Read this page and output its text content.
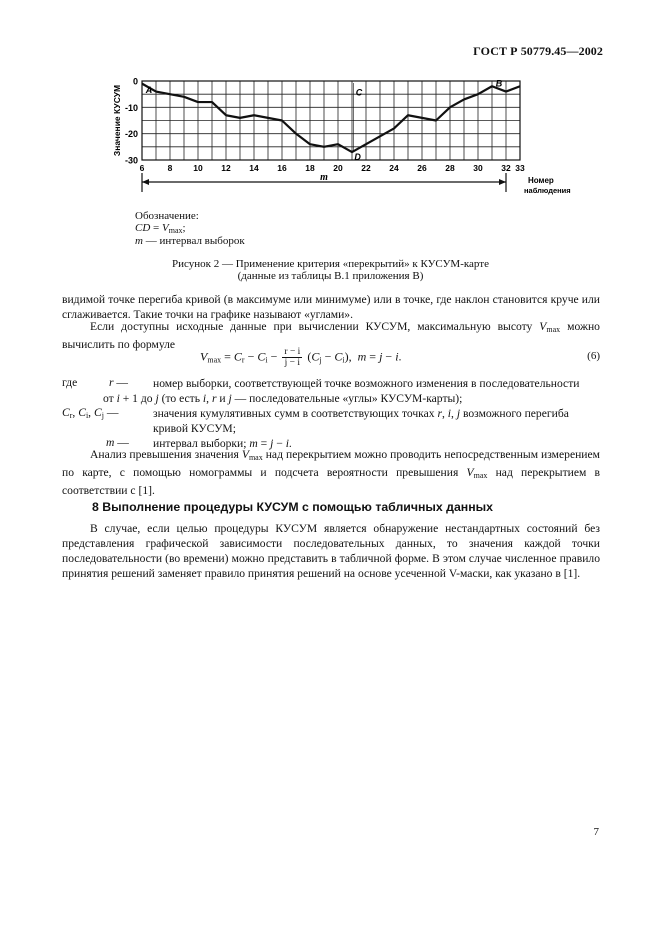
ГОСТ Р 50779.45—2002
0
-10
-20
-30
6	8 10 12 14 16 18 20 22 24 26 28 30 32 33
Значение КУСУМ
Номер
наблюдения
m
A	C
B
D
Обозначение:
CD = $V_{max}$;
m — интервал выборок
Рисунок 2 — Применение критерия «перекрытий» к КУСУМ-карте
(данные из таблицы В.1 приложения В)
видимой точке перегиба кривой (в максимуме или минимуме) или в точке, где наклон становится круче или сглаживается. Такие точки на графике называют «углами».
Если доступны исходные данные при вычислении КУСУМ, максимальную высоту $V_{max}$ можно вычислить по формуле
$V_{max} = C_r - C_i - \frac{r - i}{j - i} (C_j - C_i)$, m = j − i.	(6)
где	r — номер выборки, соответствующей точке возможного изменения в последовательности
от i + 1 до j (то есть i, r и j — последовательные «углы» КУСУМ-карты);
$C_r$, $C_i$, $C_j$ —	значения кумулятивных сумм в соответствующих точках r, i, j возможного перегиба
кривой КУСУМ;
m — интервал выборки; m = j − i.
Анализ превышения значения $V_{max}$ над перекрытием можно проводить непосредственным измерением по карте, с помощью номограммы и подсчета вероятности превышения $V_{max}$ над перекрытием в соответствии с [1].
8 Выполнение процедуры КУСУМ с помощью табличных данных
В случае, если целью процедуры КУСУМ является обнаружение нестандартных состояний без представления графической зависимости последовательных данных, то значения каждой точки последовательности (во времени) можно представить в табличной форме. В этом случае численное правило принятия решений заменяет правило принятия решений на основе усеченной V-маски, как указано в [1].
7
